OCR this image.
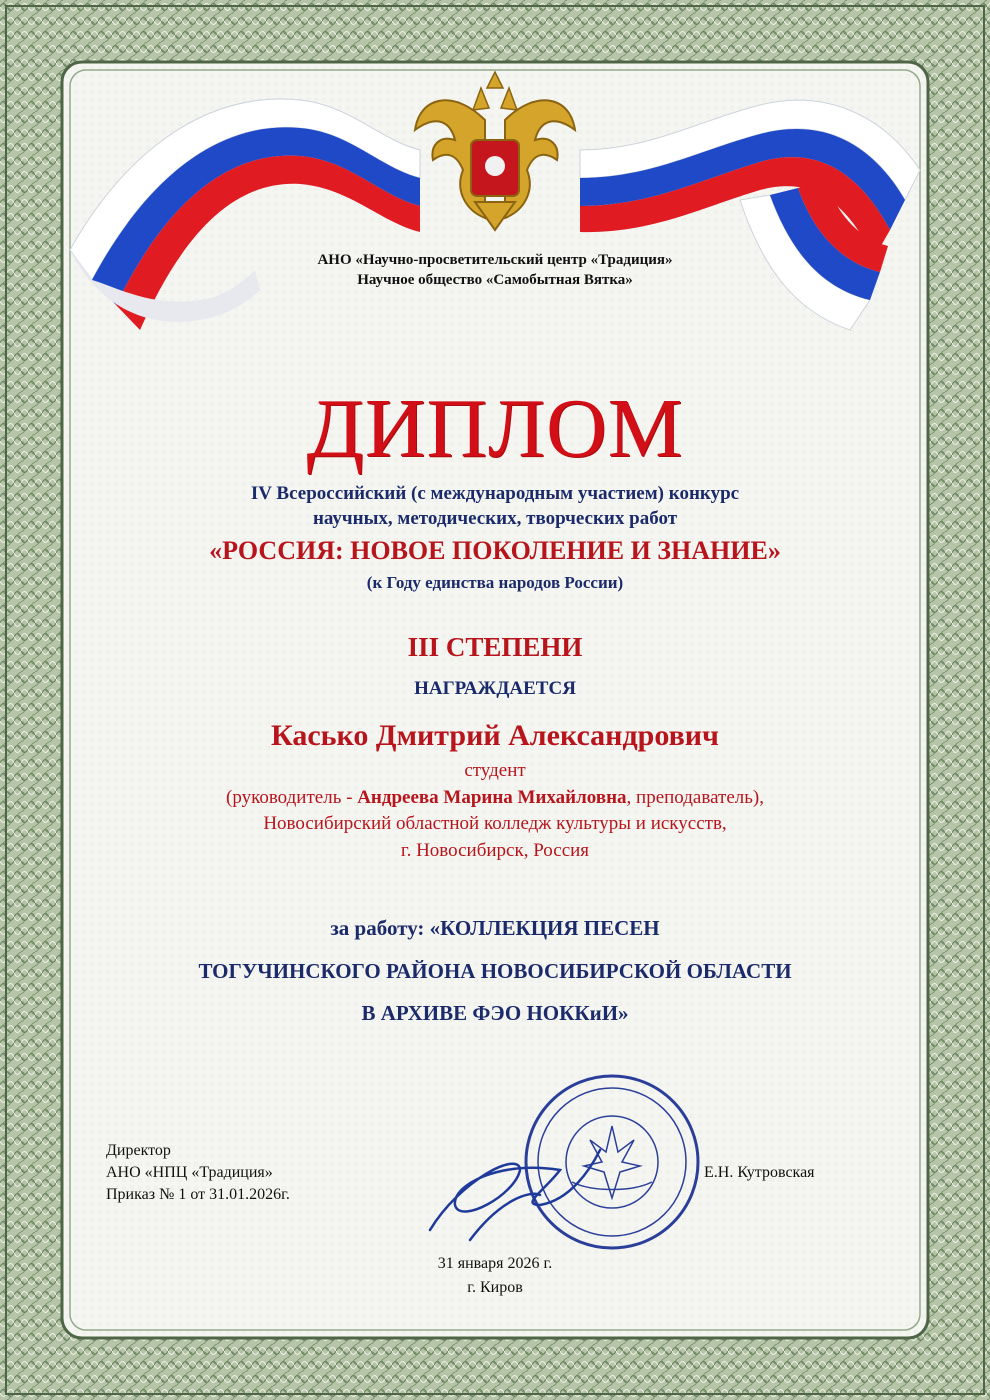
АНО «Научно-просветительский центр «Традиция»

Научное общество «Самобытная Вятка»

ДИПЛОМ

IV Всероссийский (с международным участием) конкурс

научных, методических, творческих работ

«РОССИЯ: НОВОЕ ПОКОЛЕНИЕ И ЗНАНИЕ»

(к Году единства народов России)

III СТЕПЕНИ

НАГРАЖДАЕТСЯ

Касько Дмитрий Александрович

студент

(руководитель - Андреева Марина Михайловна, преподаватель),

Новосибирский областной колледж культуры и искусств,

г. Новосибирск, Россия

за работу: «КОЛЛЕКЦИЯ ПЕСЕН

ТОГУЧИНСКОГО РАЙОНА НОВОСИБИРСКОЙ ОБЛАСТИ

В АРХИВЕ ФЭО НОККиИ»

Директор

АНО «НПЦ «Традиция»

Приказ № 1 от 31.01.2026г.

Е.Н. Кутровская

31 января 2026 г.

г. Киров
